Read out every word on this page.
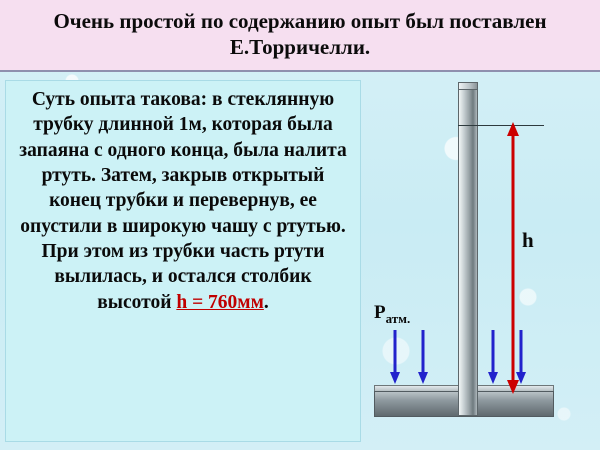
Очень простой по содержанию опыт был поставлен Е.Торричелли.
Суть опыта такова: в стеклянную трубку длинной 1м, которая была запаяна с одного конца, была налита ртуть. Затем, закрыв открытый конец трубки и перевернув, ее опустили в широкую чашу с ртутью. При этом из трубки часть ртути вылилась, и остался столбик высотой h = 760мм.
h
$P_{атм.}$
